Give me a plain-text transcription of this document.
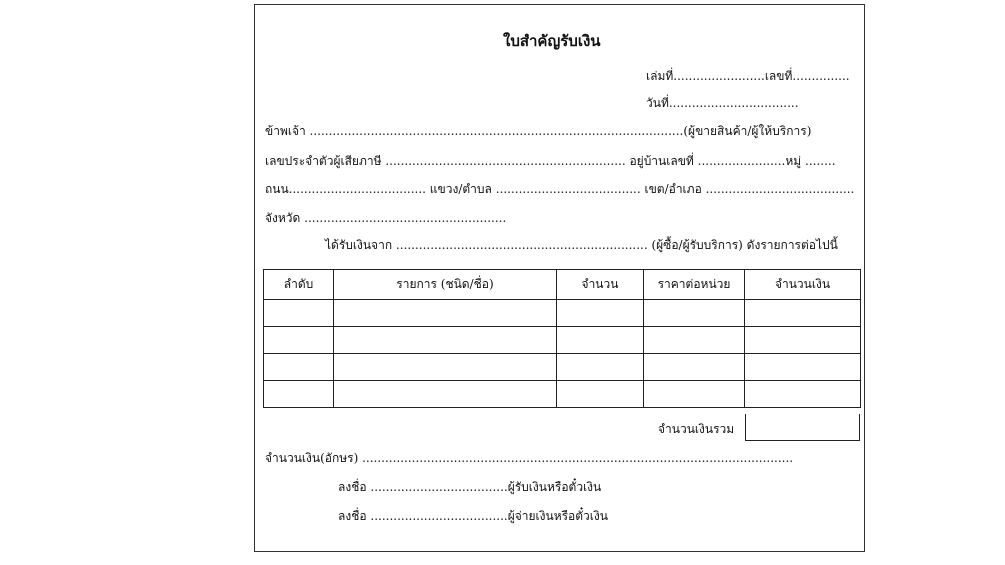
ใบสำคัญรับเงิน
เล่มที่........................เลขที่...............
วันที่..................................
ข้าพเจ้า ..................................................................................................(ผู้ขายสินค้า/ผู้ให้บริการ)
เลขประจำตัวผู้เสียภาษี ............................................................... อยู่บ้านเลขที่ .......................หมู่ ........
ถนน.................................... แขวง/ตำบล ...................................... เขต/อำเภอ .......................................
จังหวัด .....................................................
ได้รับเงินจาก .................................................................. (ผู้ซื้อ/ผู้รับบริการ) ดังรายการต่อไปนี้
ลำดับ	รายการ (ชนิด/ชื่อ)	จำนวน	ราคาต่อหน่วย	จำนวนเงิน

จำนวนเงินรวม
จำนวนเงิน(อักษร) .................................................................................................................
ลงชื่อ ....................................ผู้รับเงินหรือตั๋วเงิน
ลงชื่อ ....................................ผู้จ่ายเงินหรือตั๋วเงิน
